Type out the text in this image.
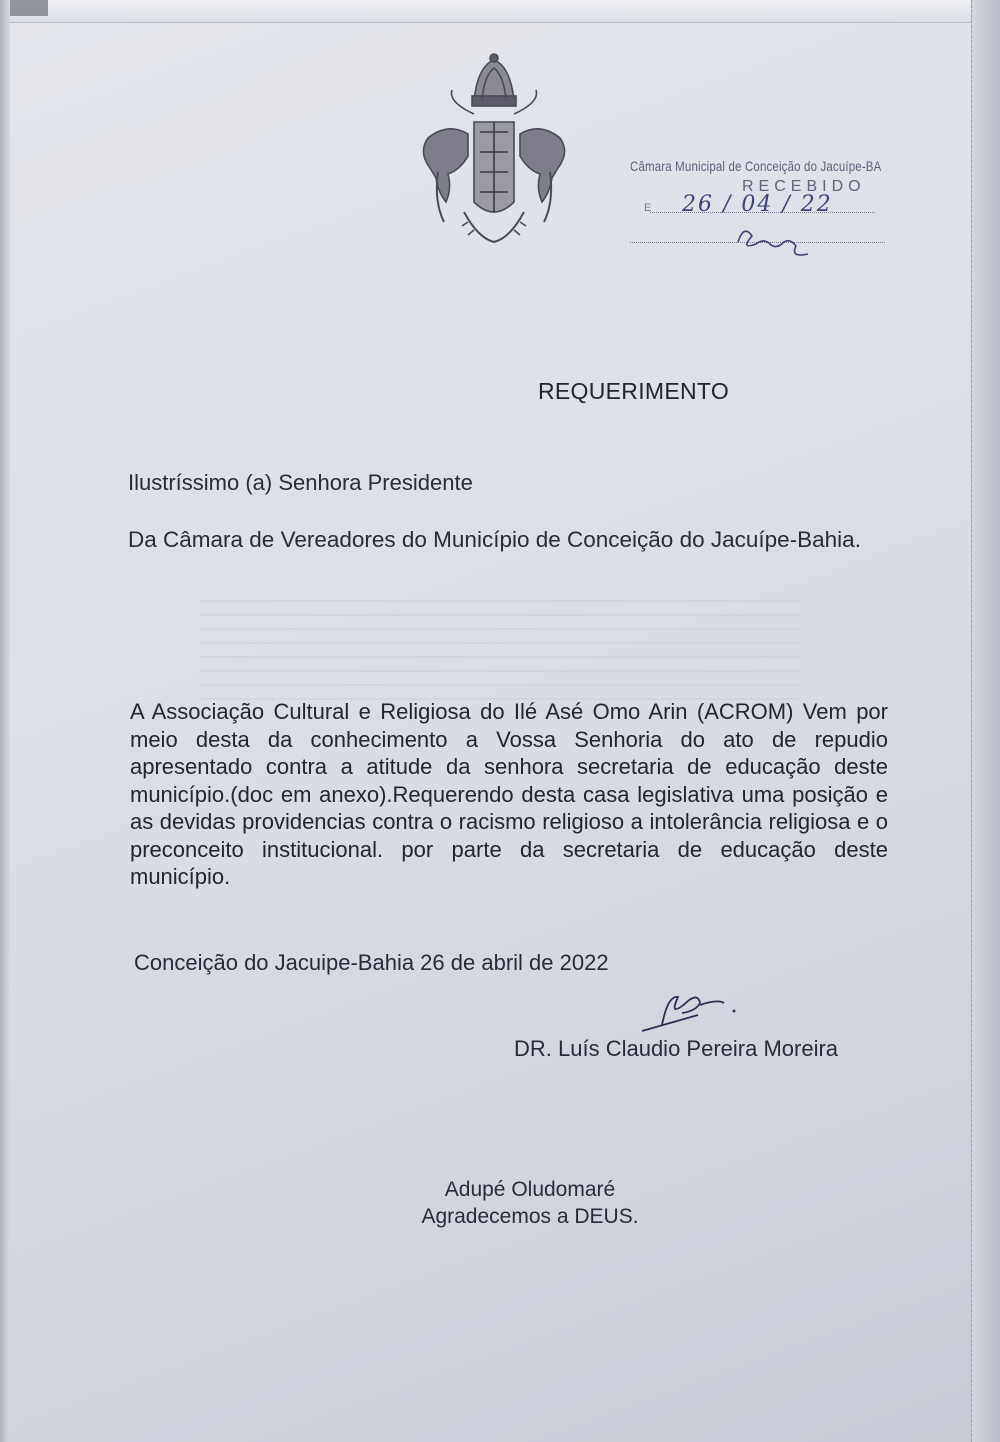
Câmara Municipal de Conceição do Jacuípe-BA
RECEBIDO
E 26 / 04 / 22
REQUERIMENTO
Ilustríssimo (a) Senhora Presidente
Da Câmara de Vereadores do Município de Conceição do Jacuípe-Bahia.
A Associação Cultural e Religiosa do Ilé Asé Omo Arin (ACROM) Vem por meio desta da conhecimento a Vossa Senhoria do ato de repudio apresentado contra a atitude da senhora secretaria de educação deste município.(doc em anexo).Requerendo desta casa legislativa uma posição e as devidas providencias contra o racismo religioso a intolerância religiosa e o preconceito institucional. por parte da secretaria de educação deste município.
Conceição do Jacuipe-Bahia 26 de abril de 2022
DR. Luís Claudio Pereira Moreira
Adupé Oludomaré
Agradecemos a DEUS.
